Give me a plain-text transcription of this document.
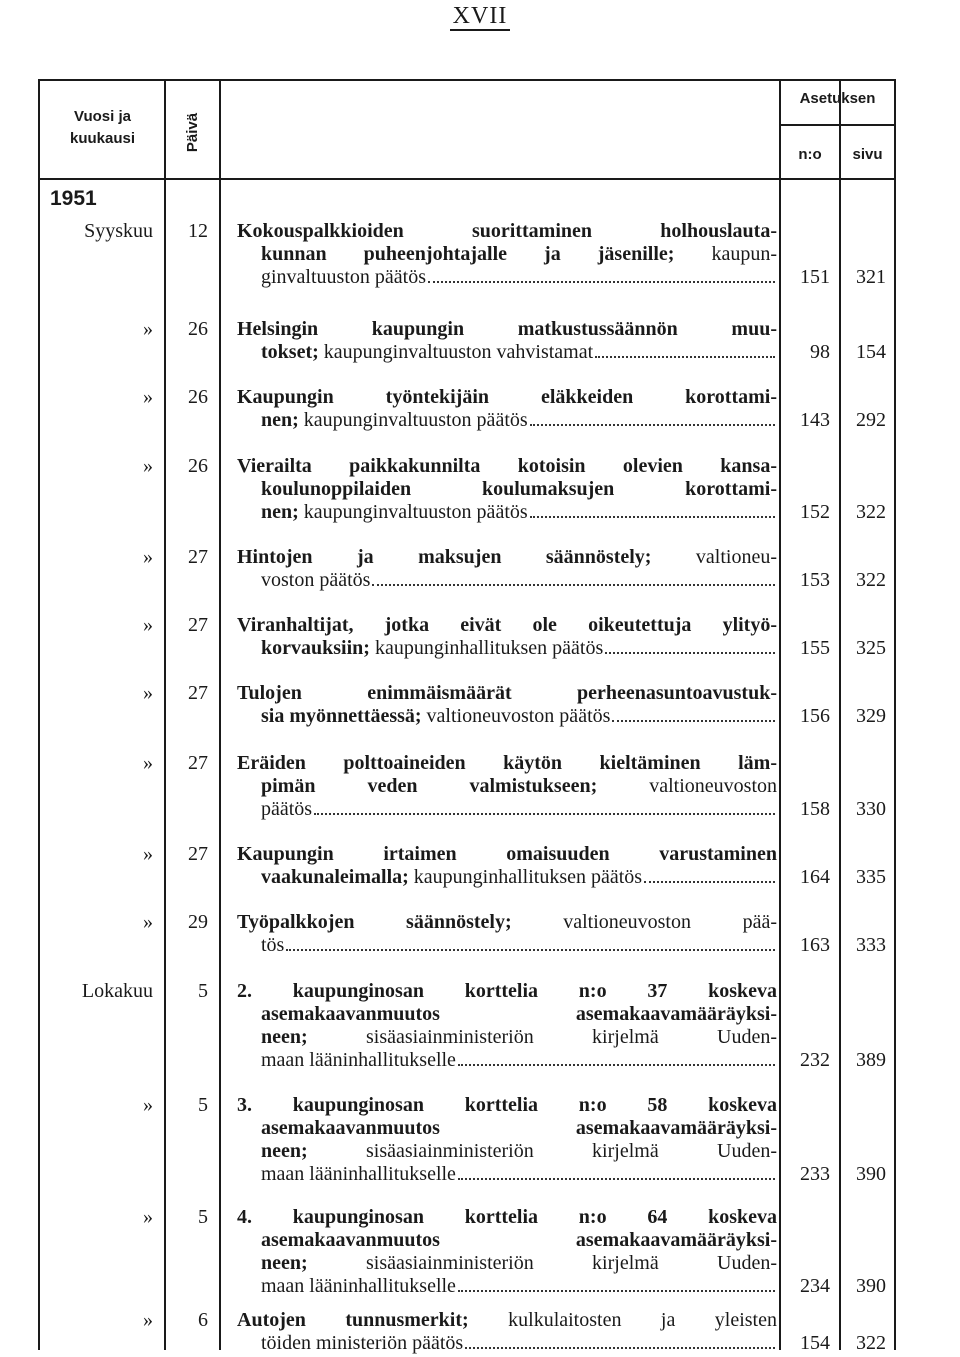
XVII
Vuosi ja kuukausi	Päivä
Asetuksen
n:o	sivu
1951
Syyskuu	12 Kokouspalkkioiden suorittaminen holhouslauta-
kunnan puheenjohtajalle ja jäsenille; kaupun-
ginvaltuuston päätös	151	321
»	26 Helsingin kaupungin matkustussäännön muu-
tokset; kaupunginvaltuuston vahvistamat	98	154
»	26 Kaupungin työntekijäin eläkkeiden korottami-
nen; kaupunginvaltuuston päätös	143	292
»	26 Vierailta paikkakunnilta kotoisin olevien kansa-
koulunoppilaiden koulumaksujen korottami-
nen; kaupunginvaltuuston päätös	152	322
»	27 Hintojen ja maksujen säännöstely; valtioneu-
voston päätös	153	322
»	27 Viranhaltijat, jotka eivät ole oikeutettuja ylityö-
korvauksiin; kaupunginhallituksen päätös	155	325
»	27 Tulojen enimmäismäärät perheenasuntoavustuk-
sia myönnettäessä; valtioneuvoston päätös	156	329
»	27 Eräiden polttoaineiden käytön kieltäminen läm-
pimän veden valmistukseen; valtioneuvoston
päätös	158	330
»	27 Kaupungin irtaimen omaisuuden varustaminen
vaakunaleimalla; kaupunginhallituksen päätös	164	335
»	29 Työpalkkojen säännöstely; valtioneuvoston pää-
tös	163	333
Lokakuu	5 2. kaupunginosan korttelia n:o 37 koskeva
asemakaavanmuutos asemakaavamääräyksi-
neen; sisäasiainministeriön kirjelmä Uuden-
maan lääninhallitukselle	232	389
»	5 3. kaupunginosan korttelia n:o 58 koskeva
asemakaavanmuutos asemakaavamääräyksi-
neen; sisäasiainministeriön kirjelmä Uuden-
maan lääninhallitukselle	233	390
»	5 4. kaupunginosan korttelia n:o 64 koskeva
asemakaavanmuutos asemakaavamääräyksi-
neen; sisäasiainministeriön kirjelmä Uuden-
maan lääninhallitukselle	234	390
»	6 Autojen tunnusmerkit; kulkulaitosten ja yleisten
töiden ministeriön päätös	154	322
